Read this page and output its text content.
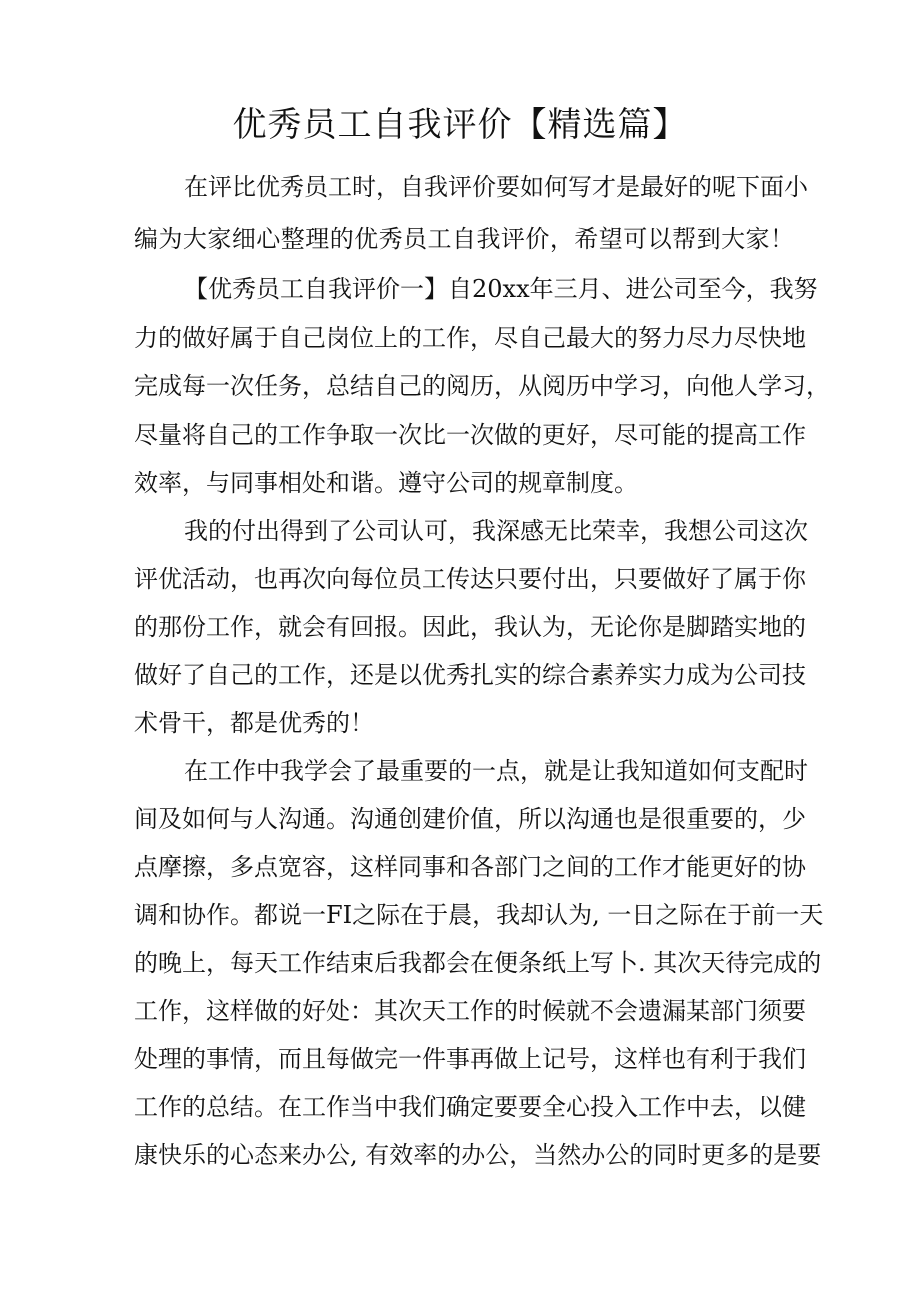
优秀员工自我评价【精选篇】
在评比优秀员工时，自我评价要如何写才是最好的呢下面小
编为大家细心整理的优秀员工自我评价，希望可以帮到大家！
【优秀员工自我评价一】自20xx年三月、进公司至今，我努
力的做好属于自己岗位上的工作，尽自己最大的努力尽力尽快地
完成每一次任务，总结自己的阅历，从阅历中学习，向他人学习，
尽量将自己的工作争取一次比一次做的更好，尽可能的提高工作
效率，与同事相处和谐。遵守公司的规章制度。
我的付出得到了公司认可，我深感无比荣幸，我想公司这次
评优活动，也再次向每位员工传达只要付出，只要做好了属于你
的那份工作，就会有回报。因此，我认为，无论你是脚踏实地的
做好了自己的工作，还是以优秀扎实的综合素养实力成为公司技
术骨干，都是优秀的！
在工作中我学会了最重要的一点，就是让我知道如何支配时
间及如何与人沟通。沟通创建价值，所以沟通也是很重要的，少
点摩擦，多点宽容，这样同事和各部门之间的工作才能更好的协
调和协作。都说一FI之际在于晨，我却认为, 一日之际在于前一天
的晚上，每天工作结束后我都会在便条纸上写卜. 其次天待完成的
工作，这样做的好处：其次天工作的时候就不会遗漏某部门须要
处理的事情，而且每做完一件事再做上记号，这样也有利于我们
工作的总结。在工作当中我们确定要要全心投入工作中去，以健
康快乐的心态来办公, 有效率的办公，当然办公的同时更多的是要
